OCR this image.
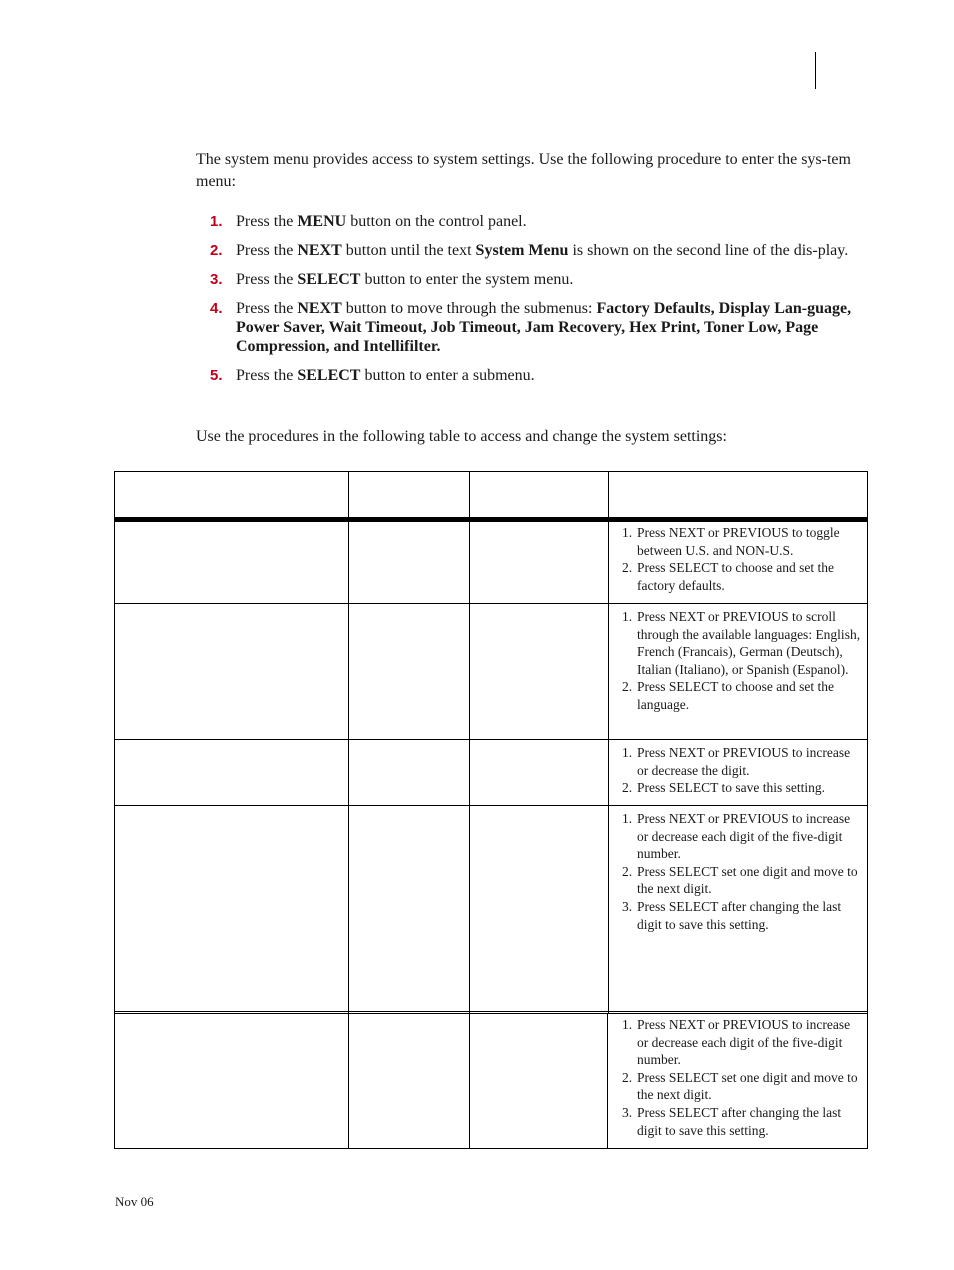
The system menu provides access to system settings. Use the following procedure to enter the sys-tem menu:

1. Press the MENU button on the control panel.
2. Press the NEXT button until the text System Menu is shown on the second line of the dis-play.
3. Press the SELECT button to enter the system menu.
4. Press the NEXT button to move through the submenus: Factory Defaults, Display Lan-guage, Power Saver, Wait Timeout, Job Timeout, Jam Recovery, Hex Print, Toner Low, Page Compression, and Intellifilter.
5. Press the SELECT button to enter a submenu.

Use the procedures in the following table to access and change the system settings:

1. Press NEXT or PREVIOUS to toggle between U.S. and NON-U.S.
2. Press SELECT to choose and set the factory defaults.
1. Press NEXT or PREVIOUS to scroll through the available languages: English, French (Francais), German (Deutsch), Italian (Italiano), or Spanish (Espanol).
2. Press SELECT to choose and set the language.
1. Press NEXT or PREVIOUS to increase or decrease the digit.
2. Press SELECT to save this setting.
1. Press NEXT or PREVIOUS to increase or decrease each digit of the five-digit number.
2. Press SELECT set one digit and move to the next digit.
3. Press SELECT after changing the last digit to save this setting.
1. Press NEXT or PREVIOUS to increase or decrease each digit of the five-digit number.
2. Press SELECT set one digit and move to the next digit.
3. Press SELECT after changing the last digit to save this setting.
Nov 06
